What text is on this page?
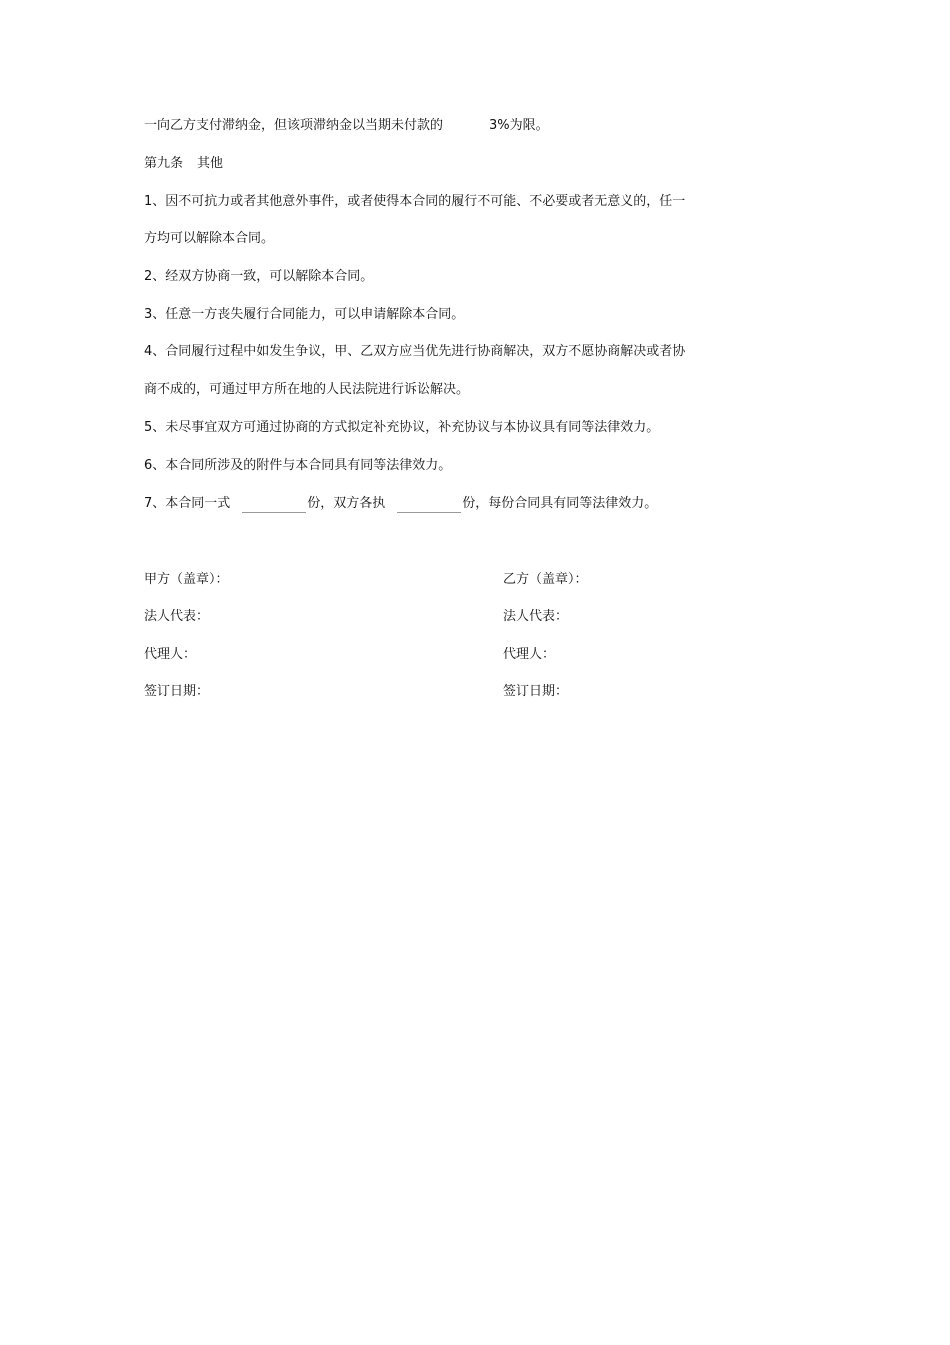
一向乙方支付滞纳金，但该项滞纳金以当期未付款的	3%为限。
第九条 其他
1、因不可抗力或者其他意外事件，或者使得本合同的履行不可能、不必要或者无意义的，任一
方均可以解除本合同。
2、经双方协商一致，可以解除本合同。
3、任意一方丧失履行合同能力，可以申请解除本合同。
4、合同履行过程中如发生争议，甲、乙双方应当优先进行协商解决，双方不愿协商解决或者协
商不成的，可通过甲方所在地的人民法院进行诉讼解决。
5、未尽事宜双方可通过协商的方式拟定补充协议，补充协议与本协议具有同等法律效力。
6、本合同所涉及的附件与本合同具有同等法律效力。
7、本合同一式	份，双方各执	份，每份合同具有同等法律效力。
甲方（盖章）：	乙方（盖章）：
法人代表：	法人代表：
代理人：	代理人：
签订日期：	签订日期：
